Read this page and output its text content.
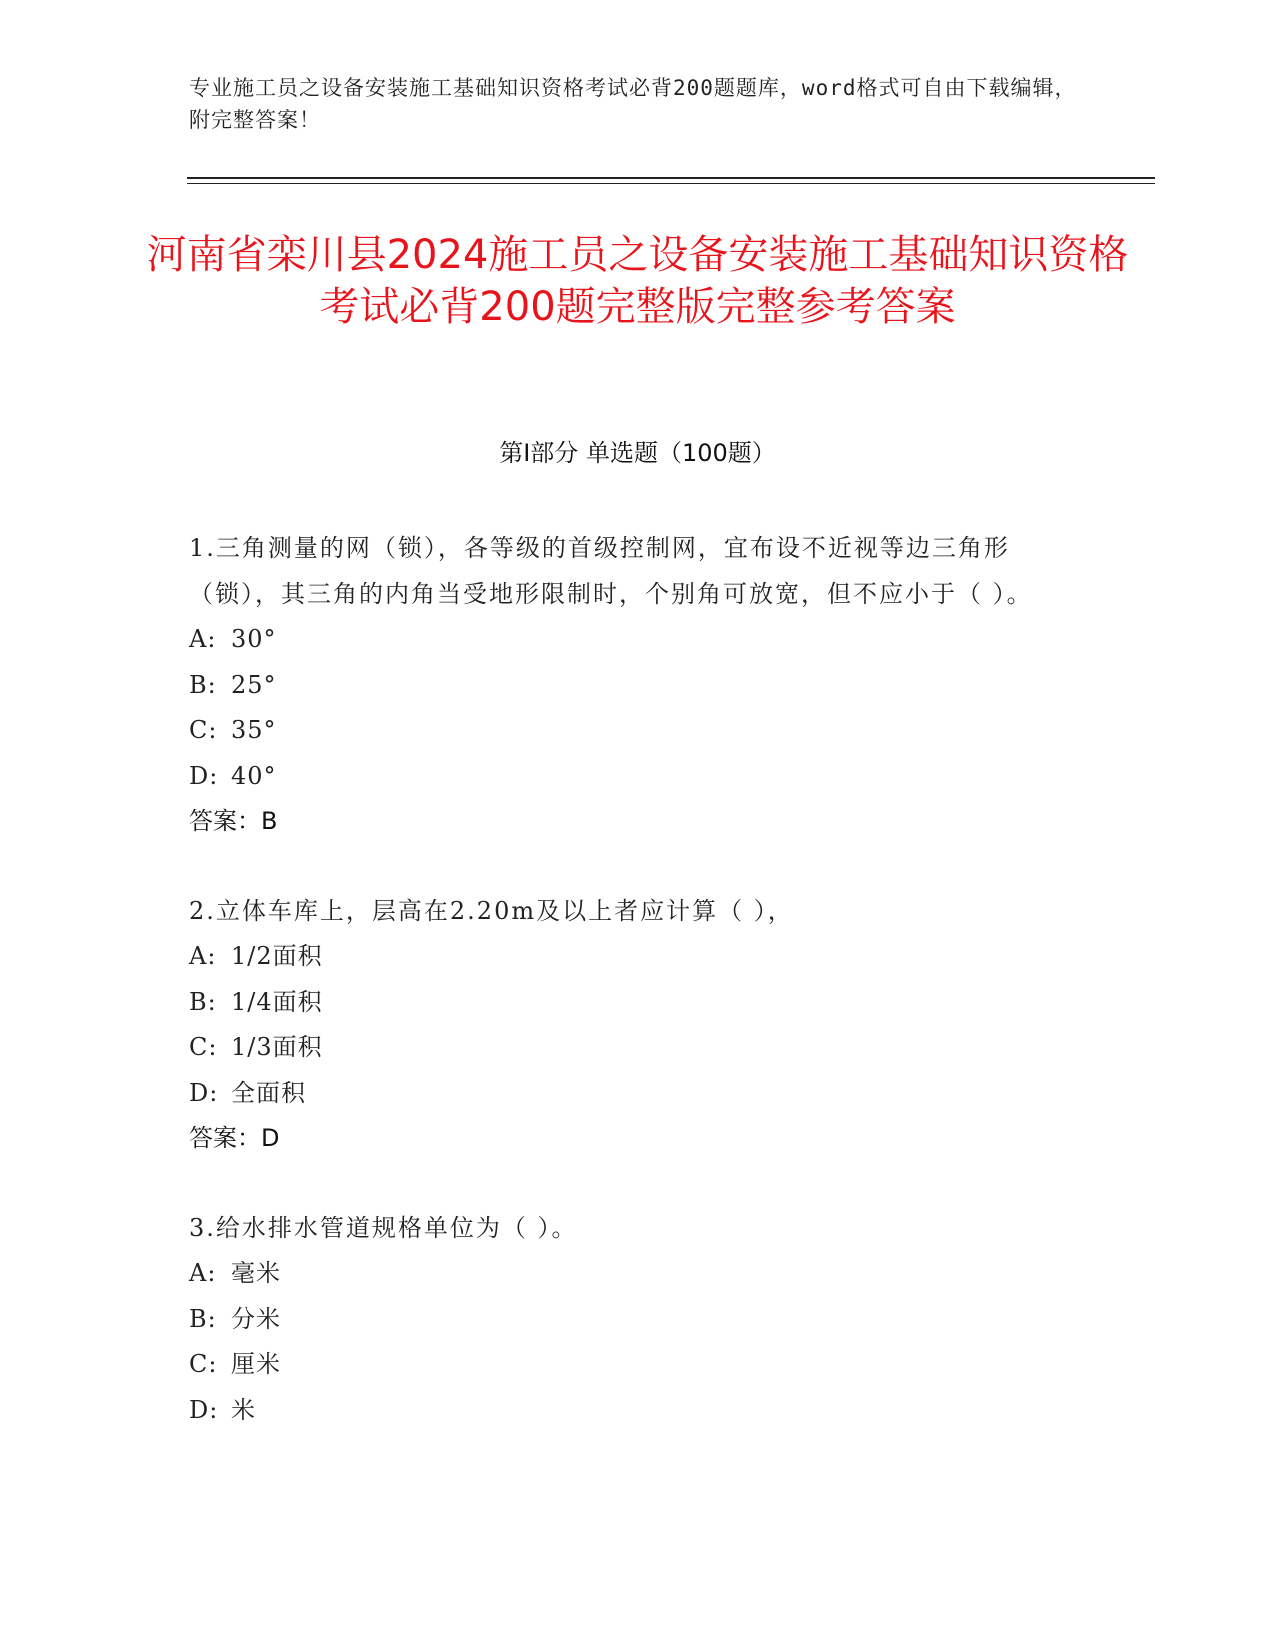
专业施工员之设备安装施工基础知识资格考试必背200题题库，word格式可自由下载编辑，附完整答案！
河南省栾川县2024施工员之设备安装施工基础知识资格考试必背200题完整版完整参考答案
第I部分 单选题（100题）
1.三角测量的网（锁），各等级的首级控制网，宜布设不近视等边三角形（锁），其三角的内角当受地形限制时，个别角可放宽，但不应小于（ ）。
A: 30°
B: 25°
C: 35°
D: 40°
答案：B
2.立体车库上，层高在2.20m及以上者应计算（ ），
A: 1/2面积
B: 1/4面积
C: 1/3面积
D: 全面积
答案：D
3.给水排水管道规格单位为（ ）。
A: 毫米
B: 分米
C: 厘米
D: 米
